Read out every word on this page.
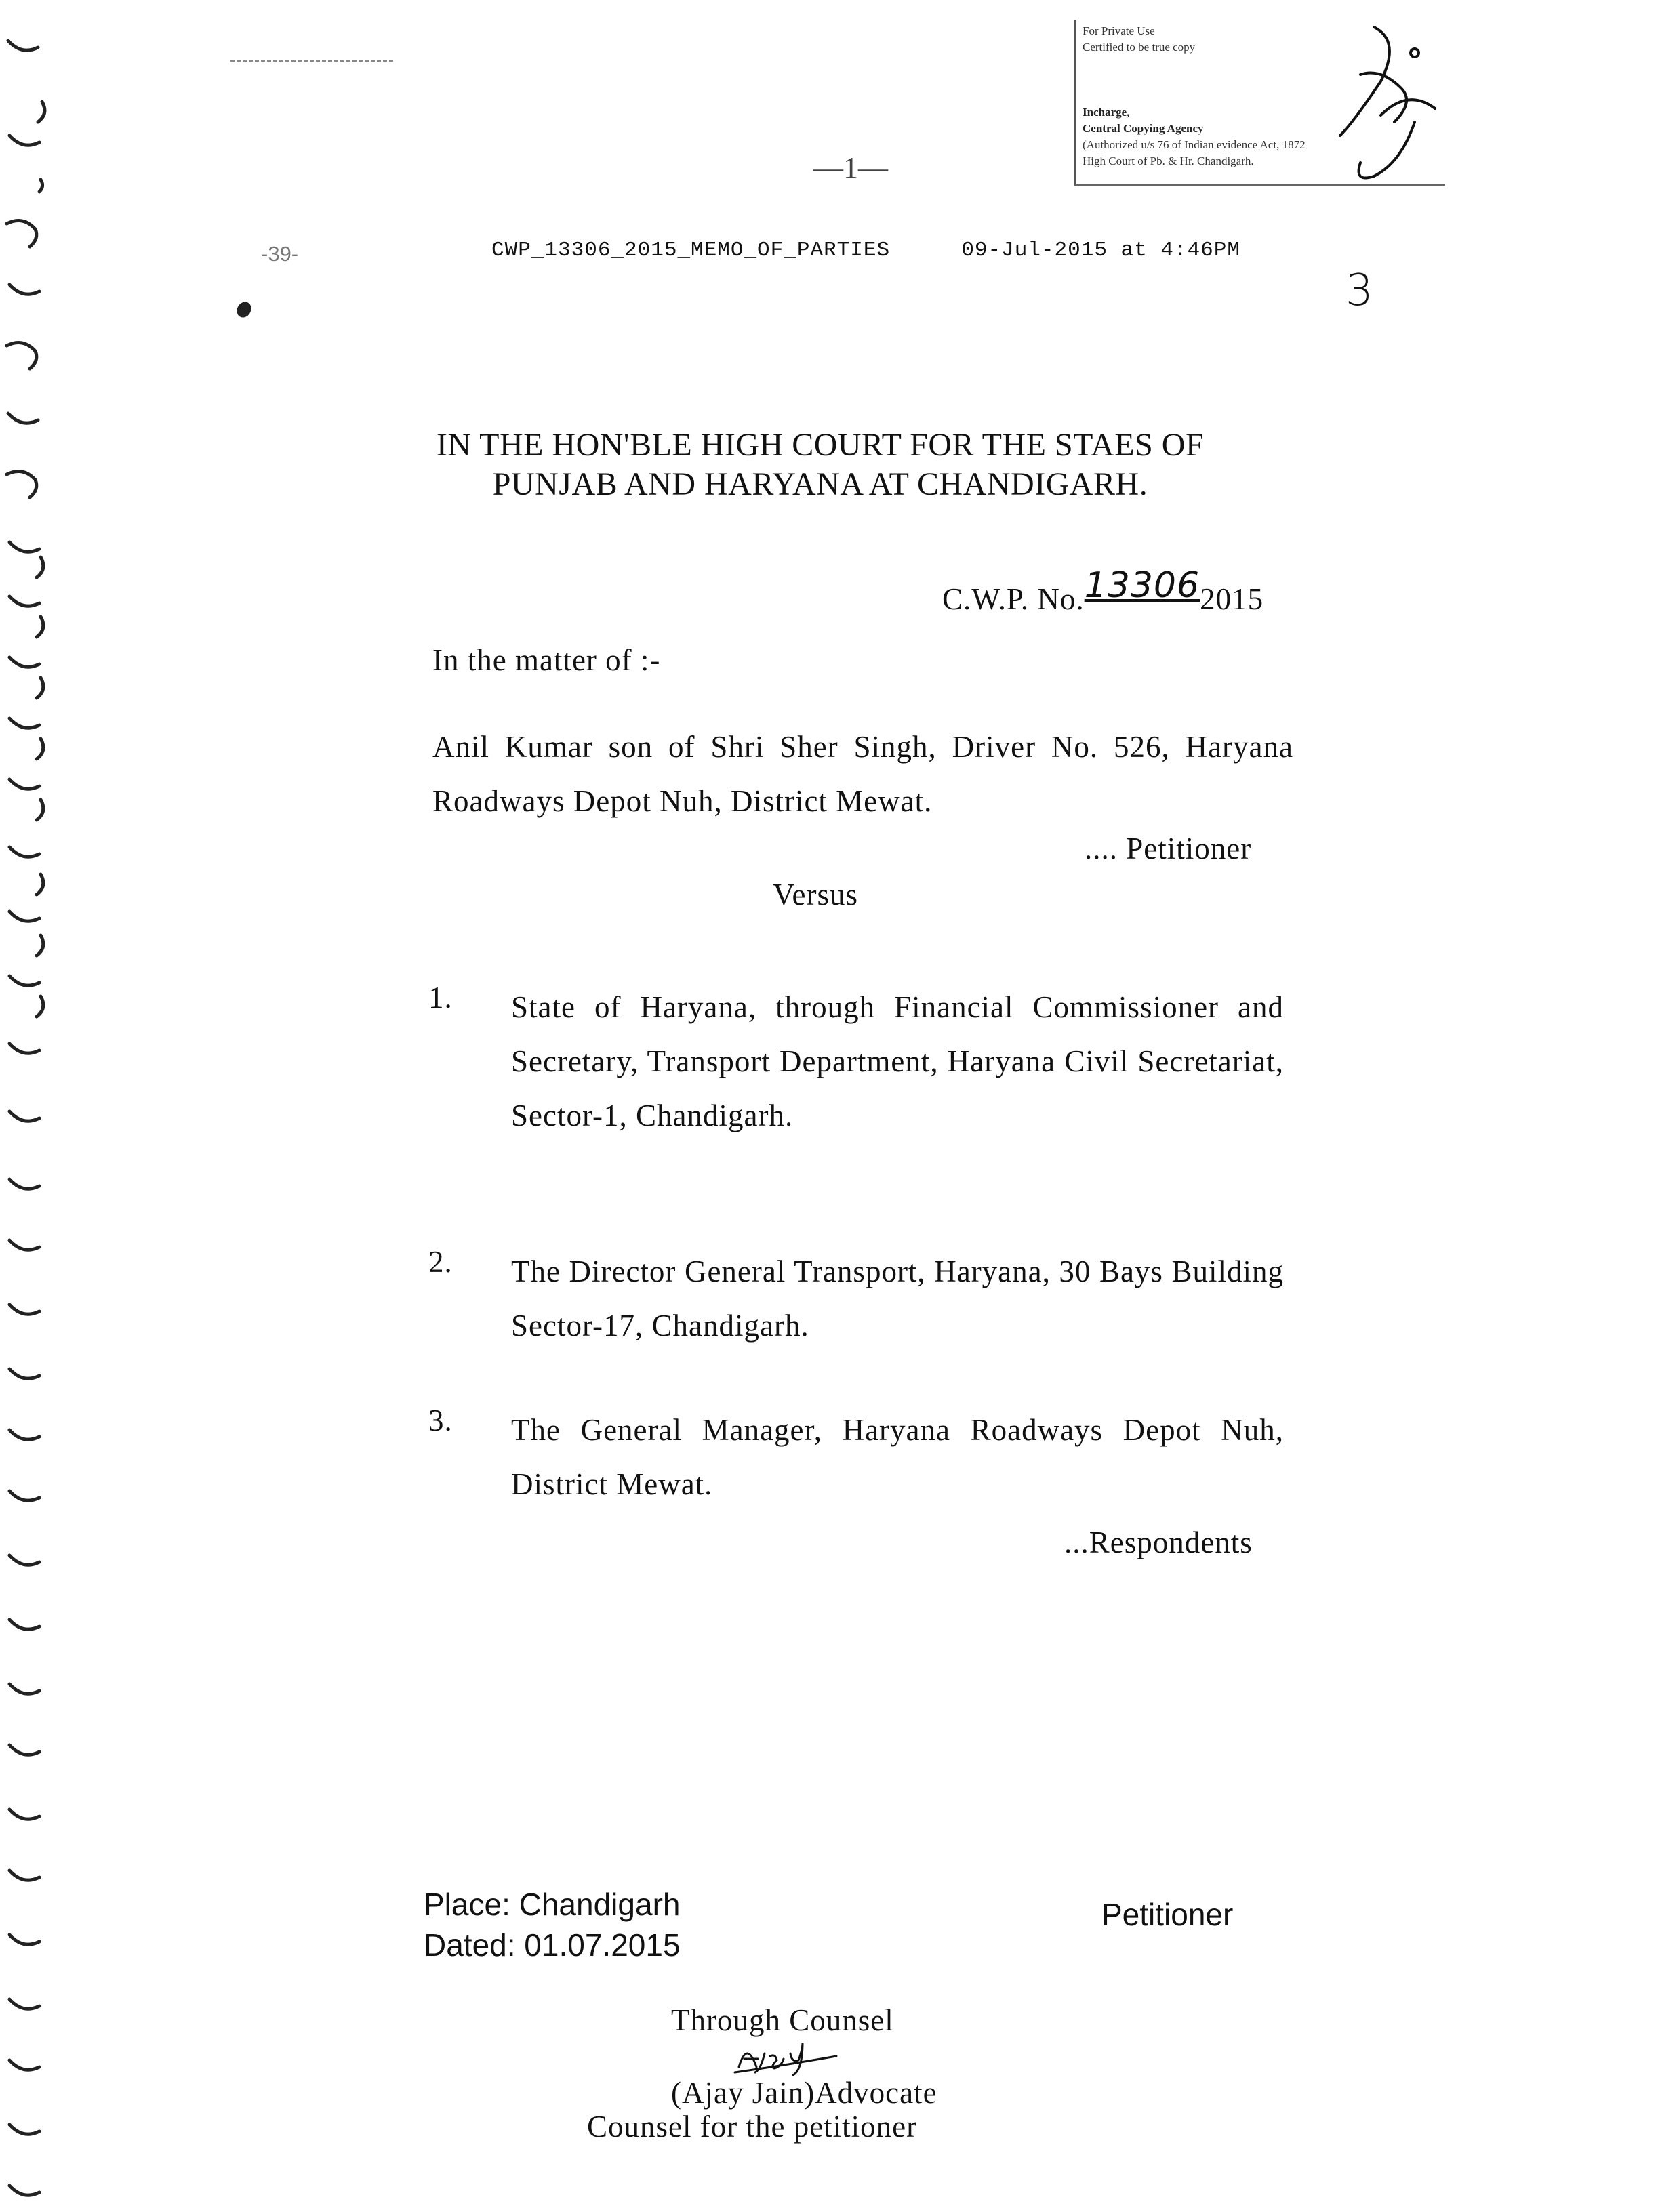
For Private Use
Certified to be true copy
Incharge,
Central Copying Agency
(Authorized u/s 76 of Indian evidence Act, 1872
High Court of Pb. & Hr. Chandigarh.
—1—
-39-	CWP_13306_2015_MEMO_OF_PARTIES	09-Jul-2015 at 4:46PM
3
IN THE HON'BLE HIGH COURT FOR THE STAES OF
PUNJAB AND HARYANA AT CHANDIGARH.
C.W.P. No.133062015
In the matter of :-
Anil Kumar son of Shri Sher Singh, Driver No. 526, Haryana Roadways Depot Nuh, District Mewat.
.... Petitioner
Versus
1. State of Haryana, through Financial Commissioner and Secretary, Transport Department, Haryana Civil Secretariat, Sector-1, Chandigarh.
2. The Director General Transport, Haryana, 30 Bays Building Sector-17, Chandigarh.
3. The General Manager, Haryana Roadways Depot Nuh, District Mewat.
...Respondents
Place: Chandigarh
Dated: 01.07.2015
Petitioner
Through Counsel
(Ajay Jain)Advocate
Counsel for the petitioner
